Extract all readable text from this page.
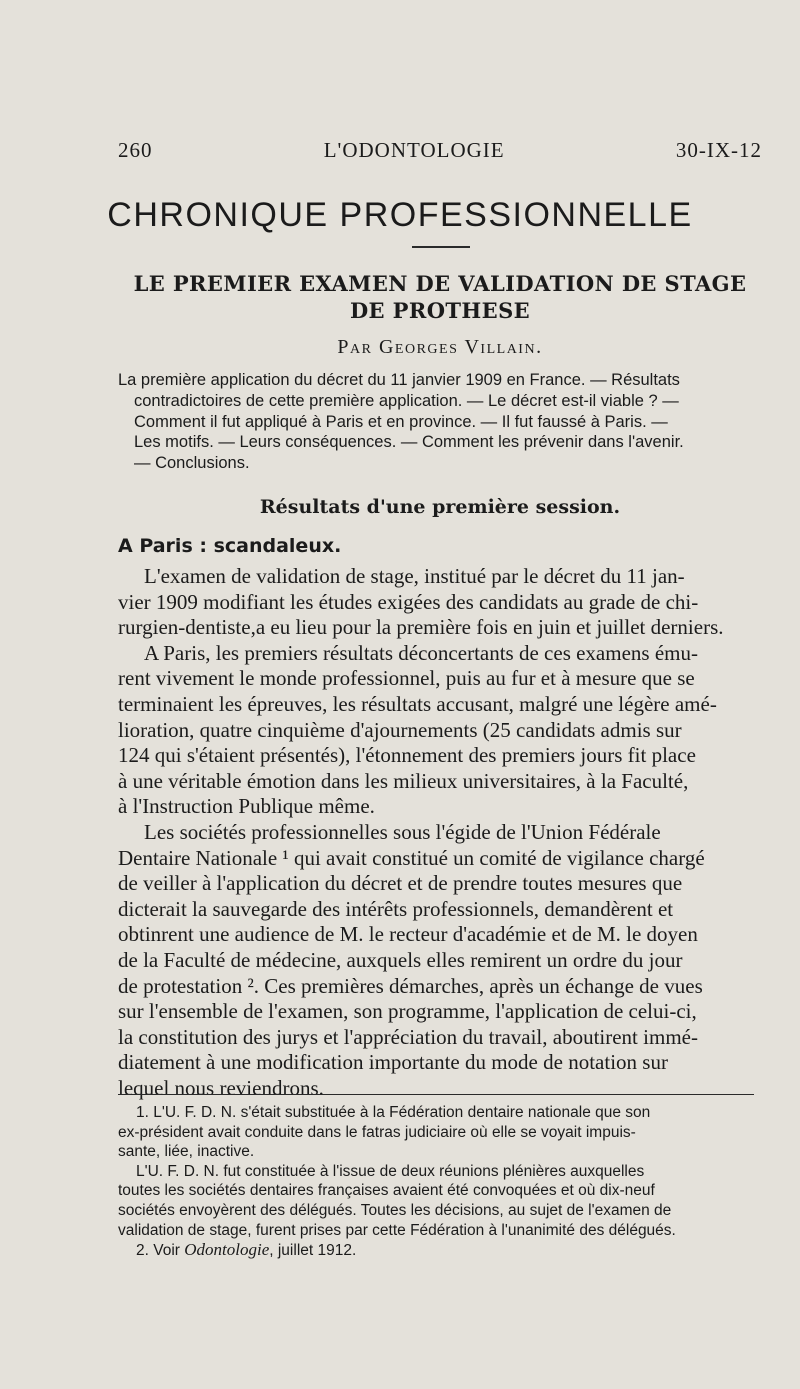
260	L'ODONTOLOGIE	30-IX-12
CHRONIQUE PROFESSIONNELLE
LE PREMIER EXAMEN DE VALIDATION DE STAGE
DE PROTHESE
Par Georges Villain.
La première application du décret du 11 janvier 1909 en France. — Résultats
contradictoires de cette première application. — Le décret est-il viable ? —
Comment il fut appliqué à Paris et en province. — Il fut faussé à Paris. —
Les motifs. — Leurs conséquences. — Comment les prévenir dans l'avenir.
— Conclusions.
Résultats d'une première session.
A Paris : scandaleux.
L'examen de validation de stage, institué par le décret du 11 jan-
vier 1909 modifiant les études exigées des candidats au grade de chi-
rurgien-dentiste,a eu lieu pour la première fois en juin et juillet derniers.
A Paris, les premiers résultats déconcertants de ces examens ému-
rent vivement le monde professionnel, puis au fur et à mesure que se
terminaient les épreuves, les résultats accusant, malgré une légère amé-
lioration, quatre cinquième d'ajournements (25 candidats admis sur
124 qui s'étaient présentés), l'étonnement des premiers jours fit place
à une véritable émotion dans les milieux universitaires, à la Faculté,
à l'Instruction Publique même.
Les sociétés professionnelles sous l'égide de l'Union Fédérale
Dentaire Nationale ¹ qui avait constitué un comité de vigilance chargé
de veiller à l'application du décret et de prendre toutes mesures que
dicterait la sauvegarde des intérêts professionnels, demandèrent et
obtinrent une audience de M. le recteur d'académie et de M. le doyen
de la Faculté de médecine, auxquels elles remirent un ordre du jour
de protestation ². Ces premières démarches, après un échange de vues
sur l'ensemble de l'examen, son programme, l'application de celui-ci,
la constitution des jurys et l'appréciation du travail, aboutirent immé-
diatement à une modification importante du mode de notation sur
lequel nous reviendrons.
1. L'U. F. D. N. s'était substituée à la Fédération dentaire nationale que son
ex-président avait conduite dans le fatras judiciaire où elle se voyait impuis-
sante, liée, inactive.
L'U. F. D. N. fut constituée à l'issue de deux réunions plénières auxquelles
toutes les sociétés dentaires françaises avaient été convoquées et où dix-neuf
sociétés envoyèrent des délégués. Toutes les décisions, au sujet de l'examen de
validation de stage, furent prises par cette Fédération à l'unanimité des délégués.
2. Voir Odontologie, juillet 1912.
